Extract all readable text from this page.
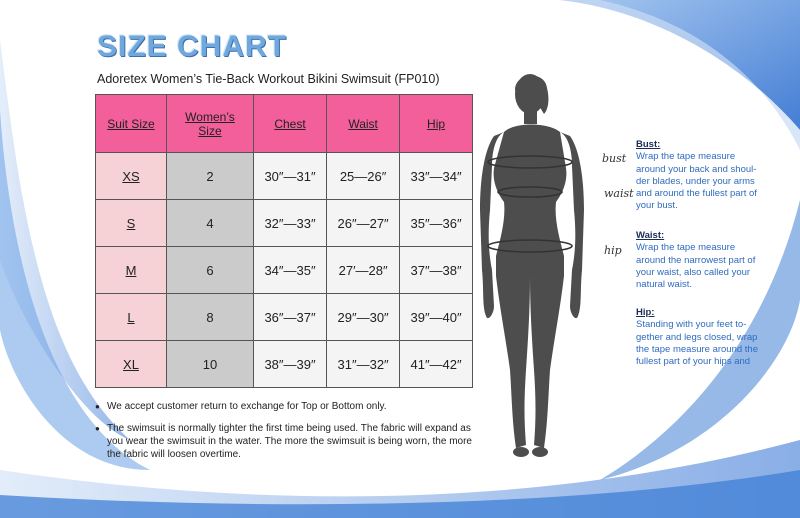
SIZE CHART
Adoretex Women’s Tie-Back Workout Bikini Swimsuit (FP010)
Suit Size	Women’s Size	Chest	Waist	Hip
XS	2	30″—31″	25—26″	33″—34″
S	4	32″—33″	26″—27″	35″—36″
M	6	34″—35″	27′—28″	37″—38″
L	8	36″—37″	29″—30″	39″—40″
XL	10	38″—39″	31″—32″	41″—42″
● We accept customer return to exchange for Top or Bottom only.
● The swimsuit is normally tighter the first time being used. The fabric will expand as you wear the swimsuit in the water. The more the swimsuit is being worn, the more the fabric will loosen overtime.
bust
waist
hip
Bust:
Wrap the tape measure around your back and shoul-der blades, under your arms and around the fullest part of your bust.
Waist:
Wrap the tape measure around the narrowest part of your waist, also called your natural waist.
Hip:
Standing with your feet to-gether and legs closed, wrap the tape measure around the fullest part of your hips and
